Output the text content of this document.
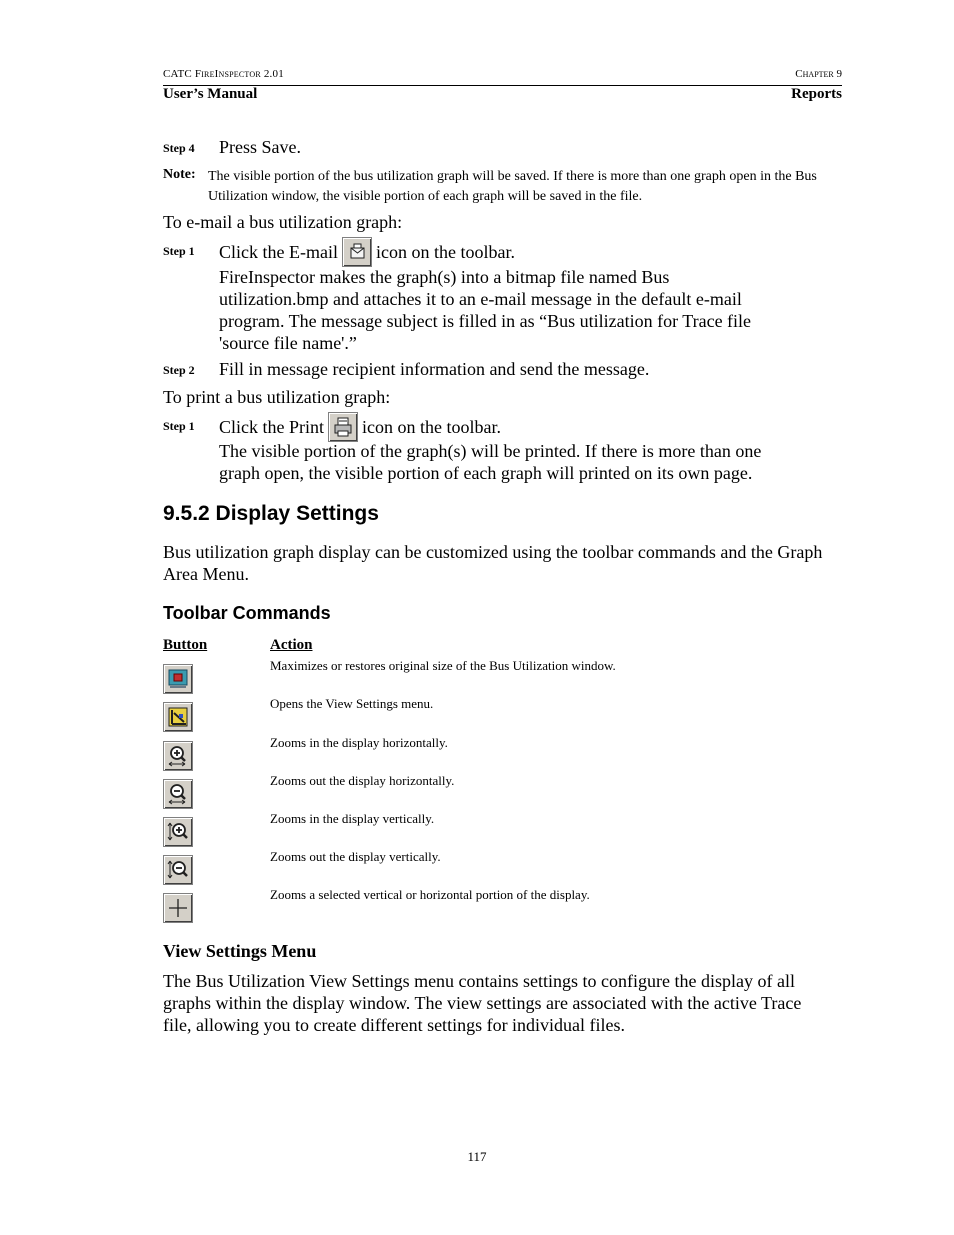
CATC FireInspector 2.01	Chapter 9
User’s Manual	Reports
Step 4 Press Save.
Note: The visible portion of the bus utilization graph will be saved. If there is more than one graph open in the Bus Utilization window, the visible portion of each graph will be saved in the file.
To e-mail a bus utilization graph:
Step 1 Click the E-mail icon on the toolbar.
FireInspector makes the graph(s) into a bitmap file named Bus
utilization.bmp and attaches it to an e-mail message in the default e-mail
program. The message subject is filled in as “Bus utilization for Trace file
'source file name'.”
Step 2 Fill in message recipient information and send the message.
To print a bus utilization graph:
Step 1 Click the Print icon on the toolbar.
The visible portion of the graph(s) will be printed. If there is more than one
graph open, the visible portion of each graph will printed on its own page.
9.5.2 Display Settings
Bus utilization graph display can be customized using the toolbar commands and the Graph
Area Menu.
Toolbar Commands
Button	Action
Maximizes or restores original size of the Bus Utilization window.
Opens the View Settings menu.
Zooms in the display horizontally.
Zooms out the display horizontally.
Zooms in the display vertically.
Zooms out the display vertically.
Zooms a selected vertical or horizontal portion of the display.
View Settings Menu
The Bus Utilization View Settings menu contains settings to configure the display of all
graphs within the display window. The view settings are associated with the active Trace
file, allowing you to create different settings for individual files.
117
